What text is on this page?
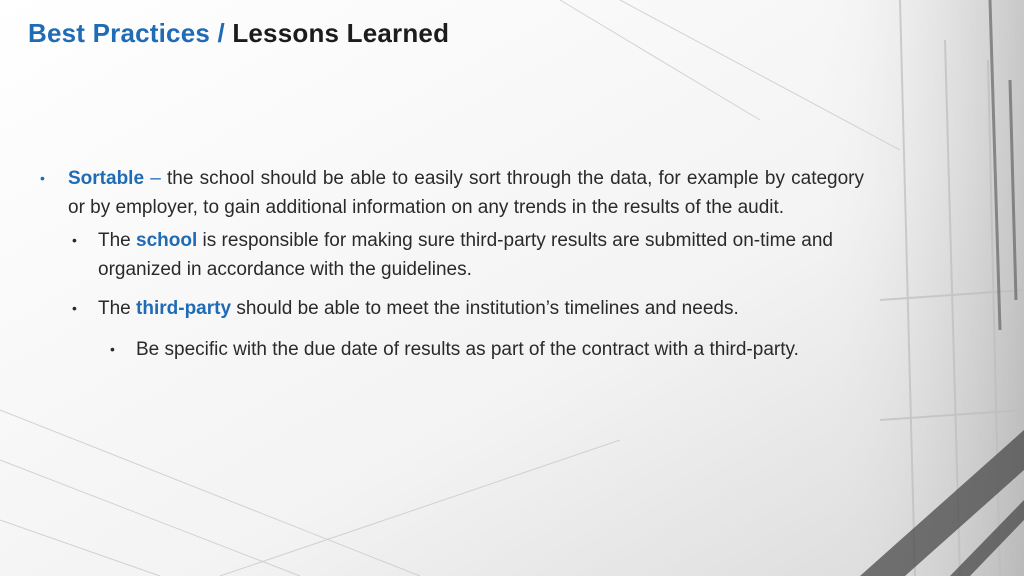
Best Practices / Lessons Learned
• Sortable – the school should be able to easily sort through the data, for example by category or by employer, to gain additional information on any trends in the results of the audit.
• The school is responsible for making sure third-party results are submitted on-time and organized in accordance with the guidelines.
• The third-party should be able to meet the institution’s timelines and needs.
• Be specific with the due date of results as part of the contract with a third-party.
